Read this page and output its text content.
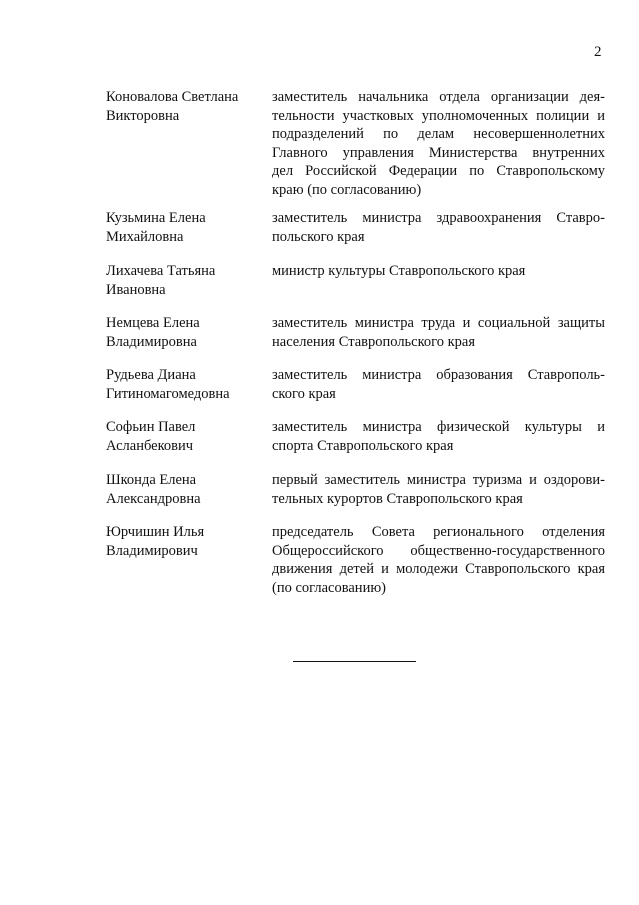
2
Коновалова Светлана
Викторовна
заместитель начальника отдела организации дея-
тельности участковых уполномоченных полиции и
подразделений по делам несовершеннолетних
Главного управления Министерства внутренних
дел Российской Федерации по Ставропольскому
краю (по согласованию)
Кузьмина Елена
Михайловна
заместитель министра здравоохранения Ставро-
польского края
Лихачева Татьяна
Ивановна
министр культуры Ставропольского края
Немцева Елена
Владимировна
заместитель министра труда и социальной защиты
населения Ставропольского края
Рудьева Диана
Гитиномагомедовна
заместитель министра образования Ставрополь-
ского края
Софьин Павел
Асланбекович
заместитель министра физической культуры и
спорта Ставропольского края
Шконда Елена
Александровна
первый заместитель министра туризма и оздорови-
тельных курортов Ставропольского края
Юрчишин Илья
Владимирович
председатель Совета регионального отделения
Общероссийского общественно-государственного
движения детей и молодежи Ставропольского края
(по согласованию)
